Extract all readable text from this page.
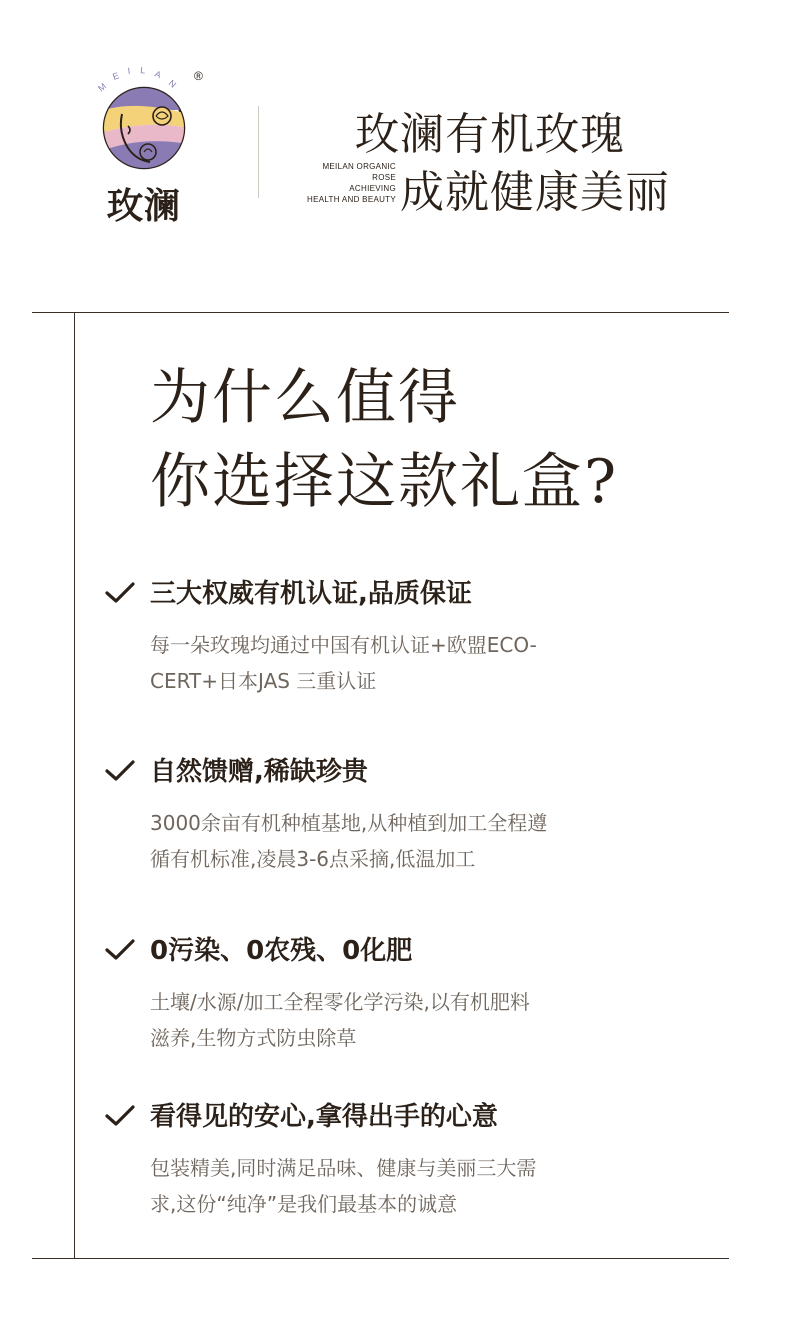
M
E I L A
N
®
玫澜
玫澜有机玫瑰
MEILAN ORGANIC
ROSE
ACHIEVING
HEALTH AND BEAUTY 成就健康美丽
为什么值得
你选择这款礼盒?
三大权威有机认证,品质保证
每一朵玫瑰均通过中国有机认证+欧盟ECO-
CERT+日本JAS 三重认证
自然馈赠,稀缺珍贵
3000余亩有机种植基地,从种植到加工全程遵
循有机标准,凌晨3-6点采摘,低温加工
0污染、0农残、0化肥
土壤/水源/加工全程零化学污染,以有机肥料
滋养,生物方式防虫除草
看得见的安心,拿得出手的心意
包装精美,同时满足品味、健康与美丽三大需
求,这份“纯净”是我们最基本的诚意
